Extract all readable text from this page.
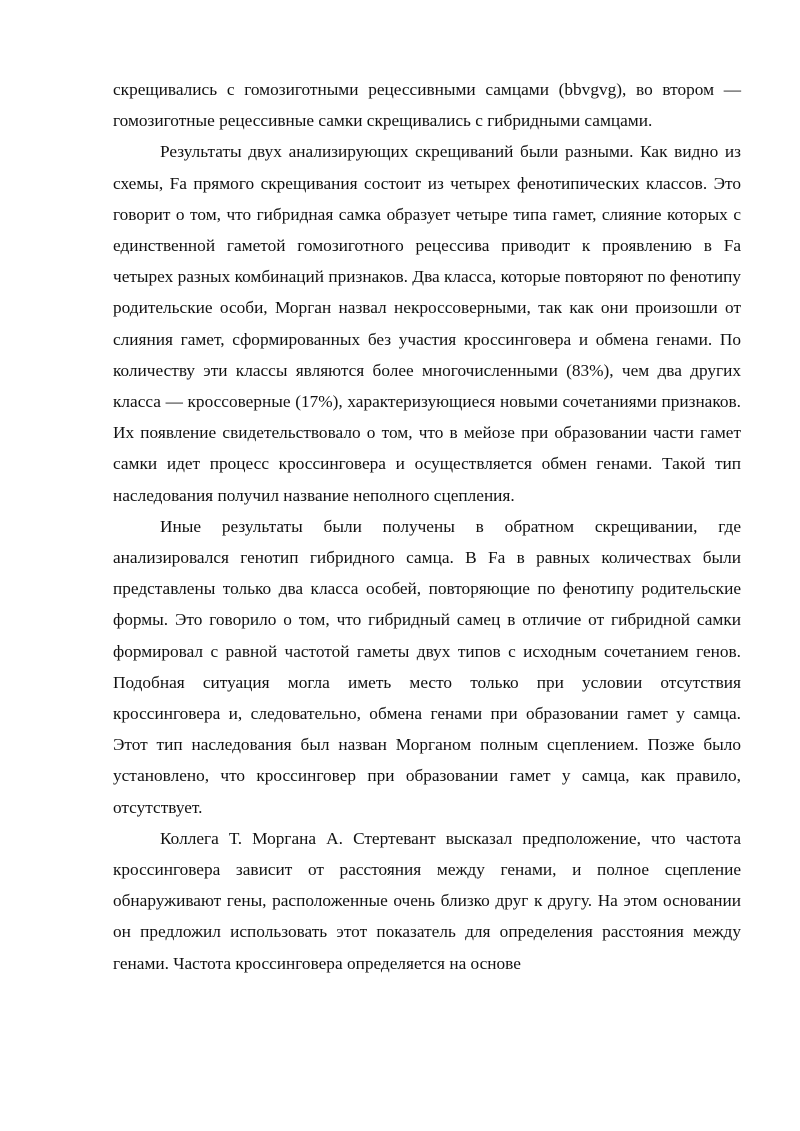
скрещивались с гомозиготными рецессивными самцами (bbvgvg), во втором — гомозиготные рецессивные самки скрещивались с гибридными самцами.

Результаты двух анализирующих скрещиваний были разными. Как видно из схемы, Fa прямого скрещивания состоит из четырех фенотипических классов. Это говорит о том, что гибридная самка образует четыре типа гамет, слияние которых с единственной гаметой гомозиготного рецессива приводит к проявлению в Fa четырех разных комбинаций признаков. Два класса, которые повторяют по фенотипу родительские особи, Морган назвал некроссоверными, так как они произошли от слияния гамет, сформированных без участия кроссинговера и обмена генами. По количеству эти классы являются более многочисленными (83%), чем два других класса — кроссоверные (17%), характеризующиеся новыми сочетаниями признаков. Их появление свидетельствовало о том, что в мейозе при образовании части гамет самки идет процесс кроссинговера и осуществляется обмен генами. Такой тип наследования получил название неполного сцепления.

Иные результаты были получены в обратном скрещивании, где анализировался генотип гибридного самца. В Fa в равных количествах были представлены только два класса особей, повторяющие по фенотипу родительские формы. Это говорило о том, что гибридный самец в отличие от гибридной самки формировал с равной частотой гаметы двух типов с исходным сочетанием генов. Подобная ситуация могла иметь место только при условии отсутствия кроссинговера и, следовательно, обмена генами при образовании гамет у самца. Этот тип наследования был назван Морганом полным сцеплением. Позже было установлено, что кроссинговер при образовании гамет у самца, как правило, отсутствует.

Коллега Т. Моргана А. Стертевант высказал предположение, что частота кроссинговера зависит от расстояния между генами, и полное сцепление обнаруживают гены, расположенные очень близко друг к другу. На этом основании он предложил использовать этот показатель для определения расстояния между генами. Частота кроссинговера определяется на основе
